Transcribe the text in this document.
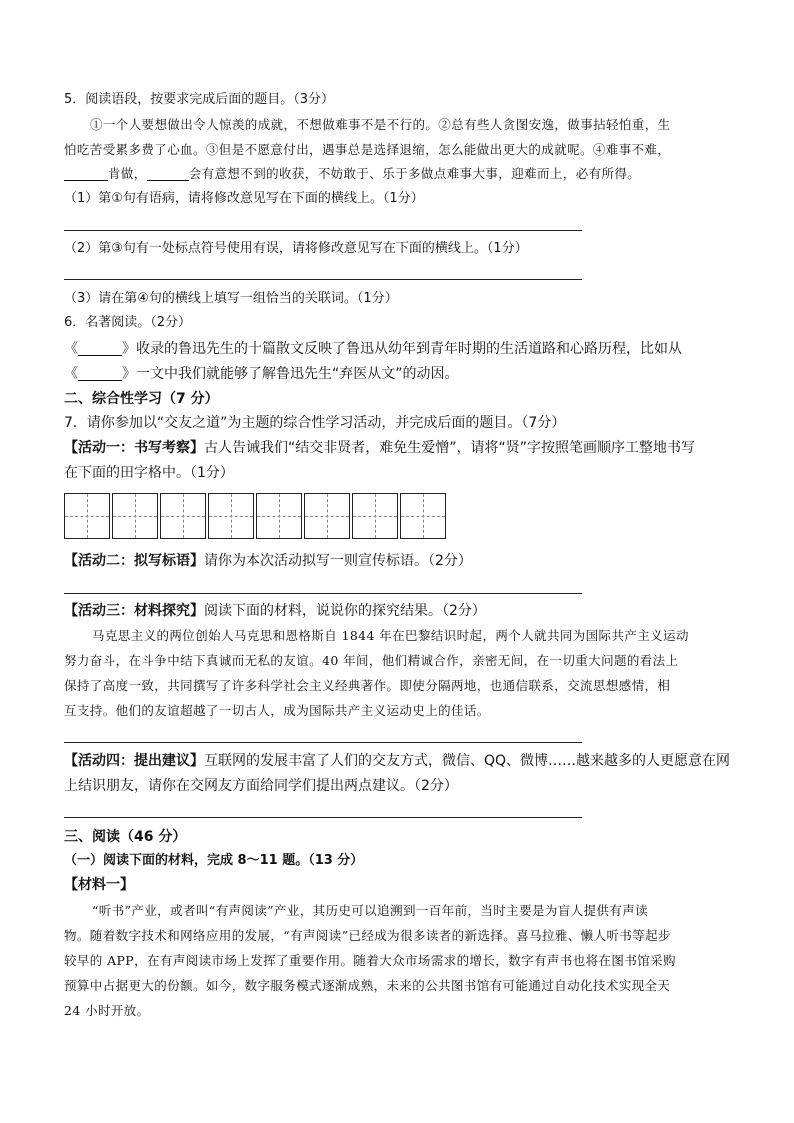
5．阅读语段，按要求完成后面的题目。（3分）
①一个人要想做出令人惊羡的成就，不想做难事不是不行的。②总有些人贪图安逸，做事拈轻怕重，生
怕吃苦受累多费了心血。③但是不愿意付出，遇事总是选择退缩，怎么能做出更大的成就呢。④难事不难，
肯做，	会有意想不到的收获，不妨敢于、乐于多做点难事大事，迎难而上，必有所得。
（1）第①句有语病，请将修改意见写在下面的横线上。（1分）
（2）第③句有一处标点符号使用有误，请将修改意见写在下面的横线上。（1分）
（3）请在第④句的横线上填写一组恰当的关联词。（1分）
6．名著阅读。（2分）
《	》收录的鲁迅先生的十篇散文反映了鲁迅从幼年到青年时期的生活道路和心路历程，比如从
《	》一文中我们就能够了解鲁迅先生“弃医从文”的动因。
二、综合性学习（7 分）
7．请你参加以“交友之道”为主题的综合性学习活动，并完成后面的题目。（7分）
【活动一：书写考察】古人告诫我们“结交非贤者，难免生爱憎”，请将“贤”字按照笔画顺序工整地书写
在下面的田字格中。（1分）
【活动二：拟写标语】请你为本次活动拟写一则宣传标语。（2分）
【活动三：材料探究】阅读下面的材料，说说你的探究结果。（2分）
马克思主义的两位创始人马克思和恩格斯自 1844 年在巴黎结识时起，两个人就共同为国际共产主义运动
努力奋斗，在斗争中结下真诚而无私的友谊。40 年间，他们精诚合作，亲密无间，在一切重大问题的看法上
保持了高度一致，共同撰写了许多科学社会主义经典著作。即使分隔两地，也通信联系，交流思想感情，相
互支持。他们的友谊超越了一切古人，成为国际共产主义运动史上的佳话。
【活动四：提出建议】互联网的发展丰富了人们的交友方式，微信、QQ、微博……越来越多的人更愿意在网
上结识朋友，请你在交网友方面给同学们提出两点建议。（2分）
三、阅读（46 分）
（一）阅读下面的材料，完成 8～11 题。（13 分）
【材料一】
“听书”产业，或者叫“有声阅读”产业，其历史可以追溯到一百年前，当时主要是为盲人提供有声读
物。随着数字技术和网络应用的发展，“有声阅读”已经成为很多读者的新选择。喜马拉雅、懒人听书等起步
较早的 APP，在有声阅读市场上发挥了重要作用。随着大众市场需求的增长，数字有声书也将在图书馆采购
预算中占据更大的份额。如今，数字服务模式逐渐成熟，未来的公共图书馆有可能通过自动化技术实现全天
24 小时开放。
